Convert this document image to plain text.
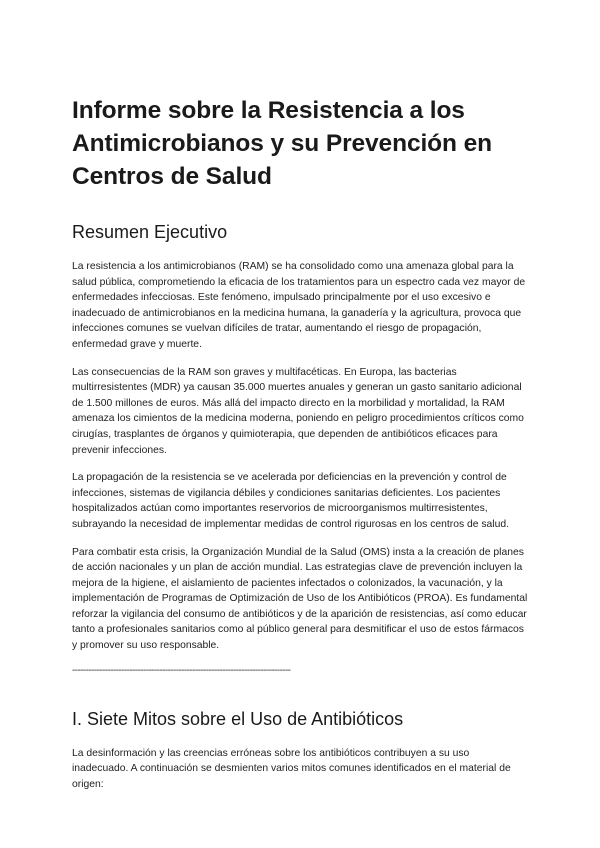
Informe sobre la Resistencia a los Antimicrobianos y su Prevención en Centros de Salud
Resumen Ejecutivo

La resistencia a los antimicrobianos (RAM) se ha consolidado como una amenaza global para la salud pública, comprometiendo la eficacia de los tratamientos para un espectro cada vez mayor de enfermedades infecciosas. Este fenómeno, impulsado principalmente por el uso excesivo e inadecuado de antimicrobianos en la medicina humana, la ganadería y la agricultura, provoca que infecciones comunes se vuelvan difíciles de tratar, aumentando el riesgo de propagación, enfermedad grave y muerte.

Las consecuencias de la RAM son graves y multifacéticas. En Europa, las bacterias multirresistentes (MDR) ya causan 35.000 muertes anuales y generan un gasto sanitario adicional de 1.500 millones de euros. Más allá del impacto directo en la morbilidad y mortalidad, la RAM amenaza los cimientos de la medicina moderna, poniendo en peligro procedimientos críticos como cirugías, trasplantes de órganos y quimioterapia, que dependen de antibióticos eficaces para prevenir infecciones.

La propagación de la resistencia se ve acelerada por deficiencias en la prevención y control de infecciones, sistemas de vigilancia débiles y condiciones sanitarias deficientes. Los pacientes hospitalizados actúan como importantes reservorios de microorganismos multirresistentes, subrayando la necesidad de implementar medidas de control rigurosas en los centros de salud.

Para combatir esta crisis, la Organización Mundial de la Salud (OMS) insta a la creación de planes de acción nacionales y un plan de acción mundial. Las estrategias clave de prevención incluyen la mejora de la higiene, el aislamiento de pacientes infectados o colonizados, la vacunación, y la implementación de Programas de Optimización de Uso de los Antibióticos (PROA). Es fundamental reforzar la vigilancia del consumo de antibióticos y de la aparición de resistencias, así como educar tanto a profesionales sanitarios como al público general para desmitificar el uso de estos fármacos y promover su uso responsable.

--------------------------------------------------------------------------------
I. Siete Mitos sobre el Uso de Antibióticos

La desinformación y las creencias erróneas sobre los antibióticos contribuyen a su uso inadecuado. A continuación se desmienten varios mitos comunes identificados en el material de origen:
